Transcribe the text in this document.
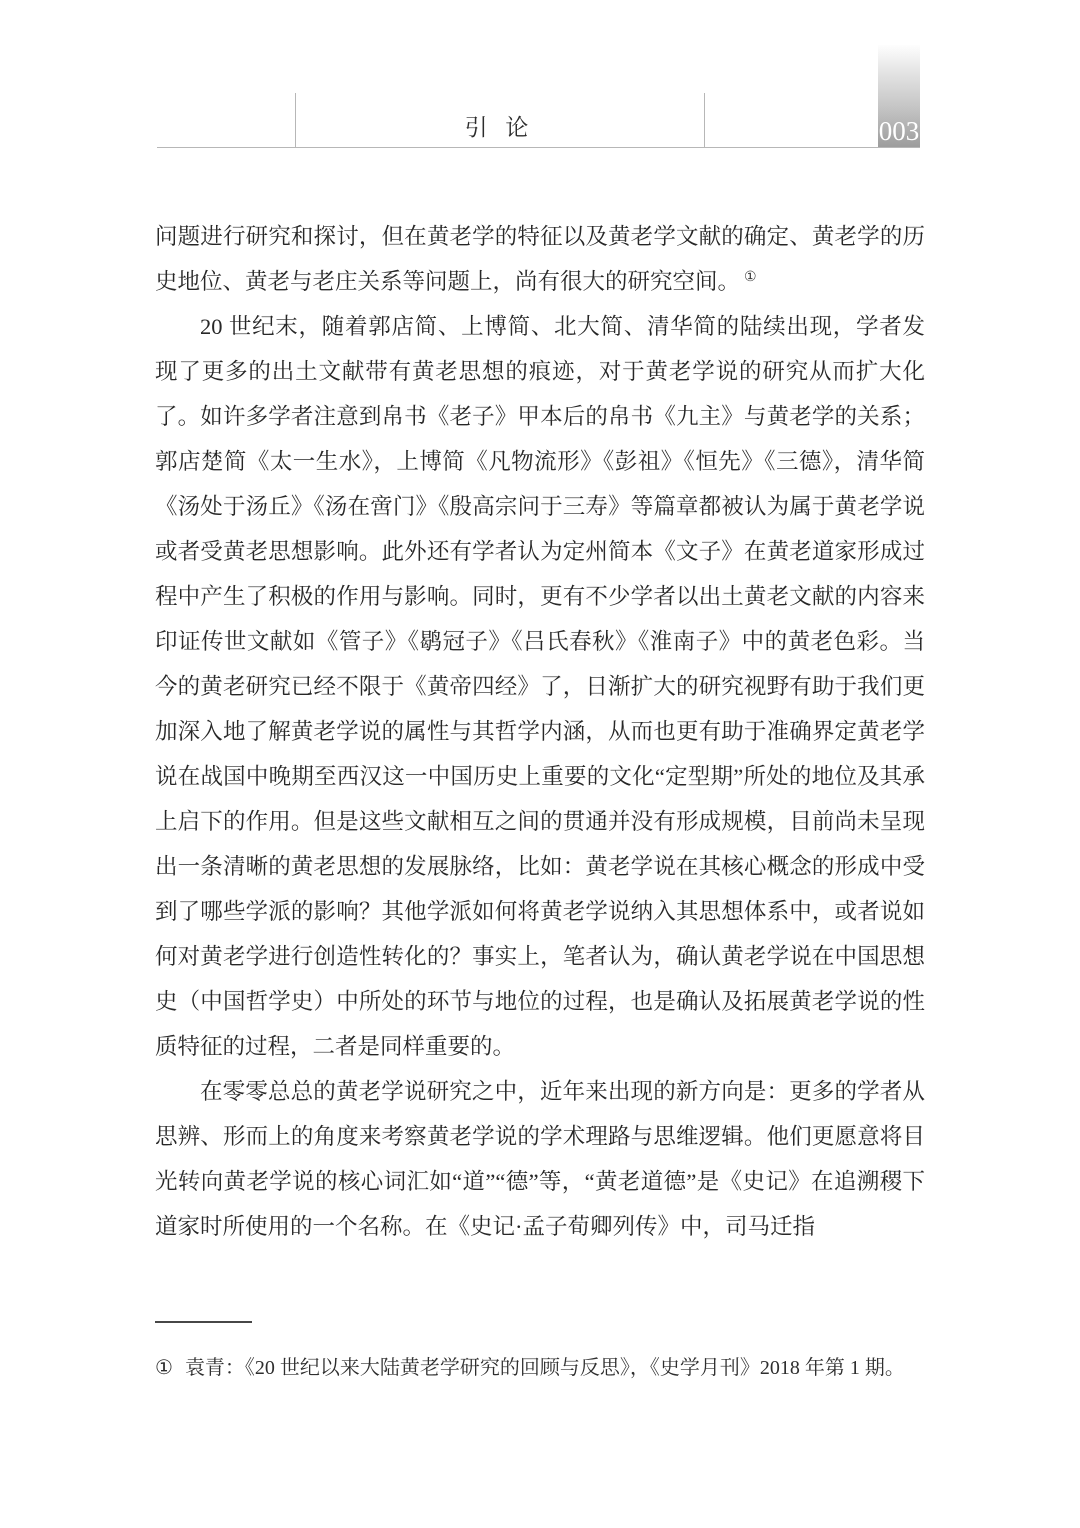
引 论	003

问题进行研究和探讨，但在黄老学的特征以及黄老学文献的确定、黄老学的历史地位、黄老与老庄关系等问题上，尚有很大的研究空间。 ①

20 世纪末，随着郭店简、上博简、北大简、清华简的陆续出现，学者发现了更多的出土文献带有黄老思想的痕迹，对于黄老学说的研究从而扩大化了。如许多学者注意到帛书《老子》甲本后的帛书《九主》与黄老学的关系；郭店楚简《太一生水》，上博简《凡物流形》《彭祖》《恒先》《三德》，清华简《汤处于汤丘》《汤在啻门》《殷高宗问于三寿》等篇章都被认为属于黄老学说或者受黄老思想影响。此外还有学者认为定州简本《文子》在黄老道家形成过程中产生了积极的作用与影响。同时，更有不少学者以出土黄老文献的内容来印证传世文献如《管子》《鹖冠子》《吕氏春秋》《淮南子》中的黄老色彩。当今的黄老研究已经不限于《黄帝四经》了，日渐扩大的研究视野有助于我们更加深入地了解黄老学说的属性与其哲学内涵，从而也更有助于准确界定黄老学说在战国中晚期至西汉这一中国历史上重要的文化“定型期”所处的地位及其承上启下的作用。但是这些文献相互之间的贯通并没有形成规模，目前尚未呈现出一条清晰的黄老思想的发展脉络，比如：黄老学说在其核心概念的形成中受到了哪些学派的影响？其他学派如何将黄老学说纳入其思想体系中，或者说如何对黄老学进行创造性转化的？事实上，笔者认为，确认黄老学说在中国思想史（中国哲学史）中所处的环节与地位的过程，也是确认及拓展黄老学说的性质特征的过程，二者是同样重要的。

在零零总总的黄老学说研究之中，近年来出现的新方向是：更多的学者从思辨、形而上的角度来考察黄老学说的学术理路与思维逻辑。他们更愿意将目光转向黄老学说的核心词汇如“道”“德”等，“黄老道德”是《史记》在追溯稷下道家时所使用的一个名称。在《史记·孟子荀卿列传》中，司马迁指

① 袁青：《20 世纪以来大陆黄老学研究的回顾与反思》，《史学月刊》2018 年第 1 期。
